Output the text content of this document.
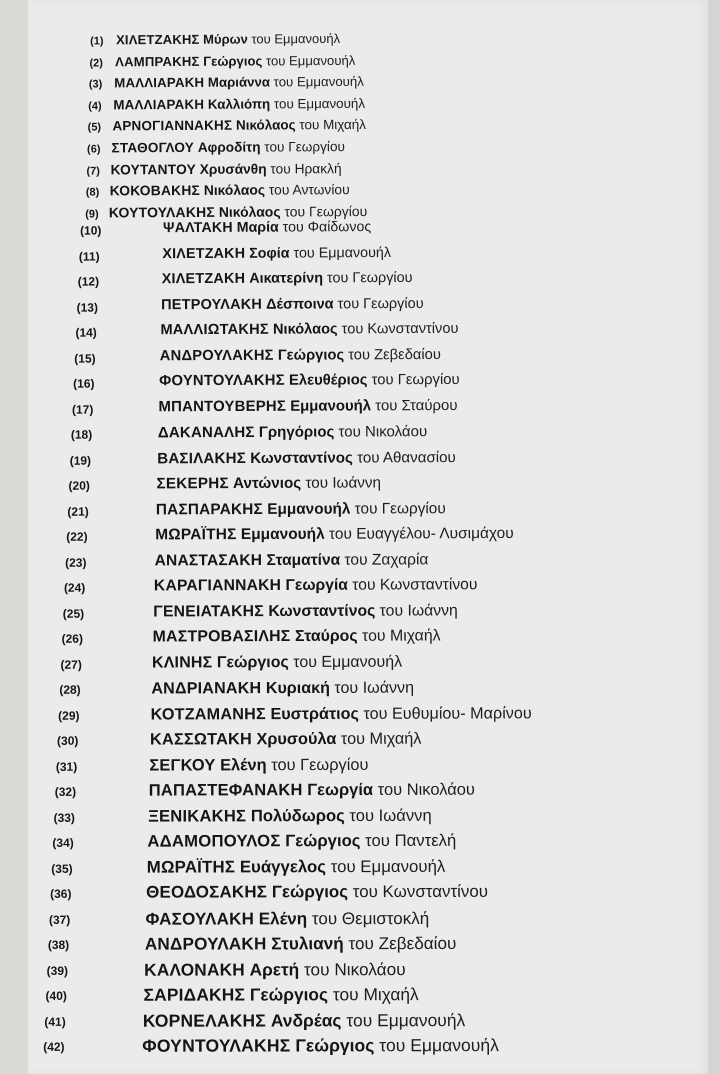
(1) ΧΙΛΕΤΖΑΚΗΣ Μύρων του Εμμανουήλ
(2) ΛΑΜΠΡΑΚΗΣ Γεώργιος του Εμμανουήλ
(3) ΜΑΛΛΙΑΡΑΚΗ Μαριάννα του Εμμανουήλ
(4) ΜΑΛΛΙΑΡΑΚΗ Καλλιόπη του Εμμανουήλ
(5) ΑΡΝΟΓΙΑΝΝΑΚΗΣ Νικόλαος του Μιχαήλ
(6) ΣΤΑΘΟΓΛΟΥ Αφροδίτη του Γεωργίου
(7) ΚΟΥΤΑΝΤΟΥ Χρυσάνθη του Ηρακλή
(8) ΚΟΚΟΒΑΚΗΣ Νικόλαος του Αντωνίου
(9) ΚΟΥΤΟΥΛΑΚΗΣ Νικόλαος του Γεωργίου
(10)	ΨΑΛΤΑΚΗ Μαρία του Φαίδωνος
(11)	ΧΙΛΕΤΖΑΚΗ Σοφία του Εμμανουήλ
(12)	ΧΙΛΕΤΖΑΚΗ Αικατερίνη του Γεωργίου
(13)	ΠΕΤΡΟΥΛΑΚΗ Δέσποινα του Γεωργίου
(14)	ΜΑΛΛΙΩΤΑΚΗΣ Νικόλαος του Κωνσταντίνου
(15)	ΑΝΔΡΟΥΛΑΚΗΣ Γεώργιος του Ζεβεδαίου
(16)	ΦΟΥΝΤΟΥΛΑΚΗΣ Ελευθέριος του Γεωργίου
(17)	ΜΠΑΝΤΟΥΒΕΡΗΣ Εμμανουήλ του Σταύρου
(18)	ΔΑΚΑΝΑΛΗΣ Γρηγόριος του Νικολάου
(19)	ΒΑΣΙΛΑΚΗΣ Κωνσταντίνος του Αθανασίου
(20)	ΣΕΚΕΡΗΣ Αντώνιος του Ιωάννη
(21)	ΠΑΣΠΑΡΑΚΗΣ Εμμανουήλ του Γεωργίου
(22)	ΜΩΡΑΪΤΗΣ Εμμανουήλ του Ευαγγέλου- Λυσιμάχου
(23)	ΑΝΑΣΤΑΣΑΚΗ Σταματίνα του Ζαχαρία
(24)	ΚΑΡΑΓΙΑΝΝΑΚΗ Γεωργία του Κωνσταντίνου
(25)	ΓΕΝΕΙΑΤΑΚΗΣ Κωνσταντίνος του Ιωάννη
(26)	ΜΑΣΤΡΟΒΑΣΙΛΗΣ Σταύρος του Μιχαήλ
(27)	ΚΛΙΝΗΣ Γεώργιος του Εμμανουήλ
(28)	ΑΝΔΡΙΑΝΑΚΗ Κυριακή του Ιωάννη
(29)	ΚΟΤΖΑΜΑΝΗΣ Ευστράτιος του Ευθυμίου- Μαρίνου
(30)	ΚΑΣΣΩΤΑΚΗ Χρυσούλα του Μιχαήλ
(31)	ΣΕΓΚΟΥ Ελένη του Γεωργίου
(32)	ΠΑΠΑΣΤΕΦΑΝΑΚΗ Γεωργία του Νικολάου
(33)	ΞΕΝΙΚΑΚΗΣ Πολύδωρος του Ιωάννη
(34)	ΑΔΑΜΟΠΟΥΛΟΣ Γεώργιος του Παντελή
(35)	ΜΩΡΑΪΤΗΣ Ευάγγελος του Εμμανουήλ
(36)	ΘΕΟΔΟΣΑΚΗΣ Γεώργιος του Κωνσταντίνου
(37)	ΦΑΣΟΥΛΑΚΗ Ελένη του Θεμιστοκλή
(38)	ΑΝΔΡΟΥΛΑΚΗ Στυλιανή του Ζεβεδαίου
(39)	ΚΑΛΟΝΑΚΗ Αρετή του Νικολάου
(40)	ΣΑΡΙΔΑΚΗΣ Γεώργιος του Μιχαήλ
(41)	ΚΟΡΝΕΛΑΚΗΣ Ανδρέας του Εμμανουήλ
(42)	ΦΟΥΝΤΟΥΛΑΚΗΣ Γεώργιος του Εμμανουήλ
